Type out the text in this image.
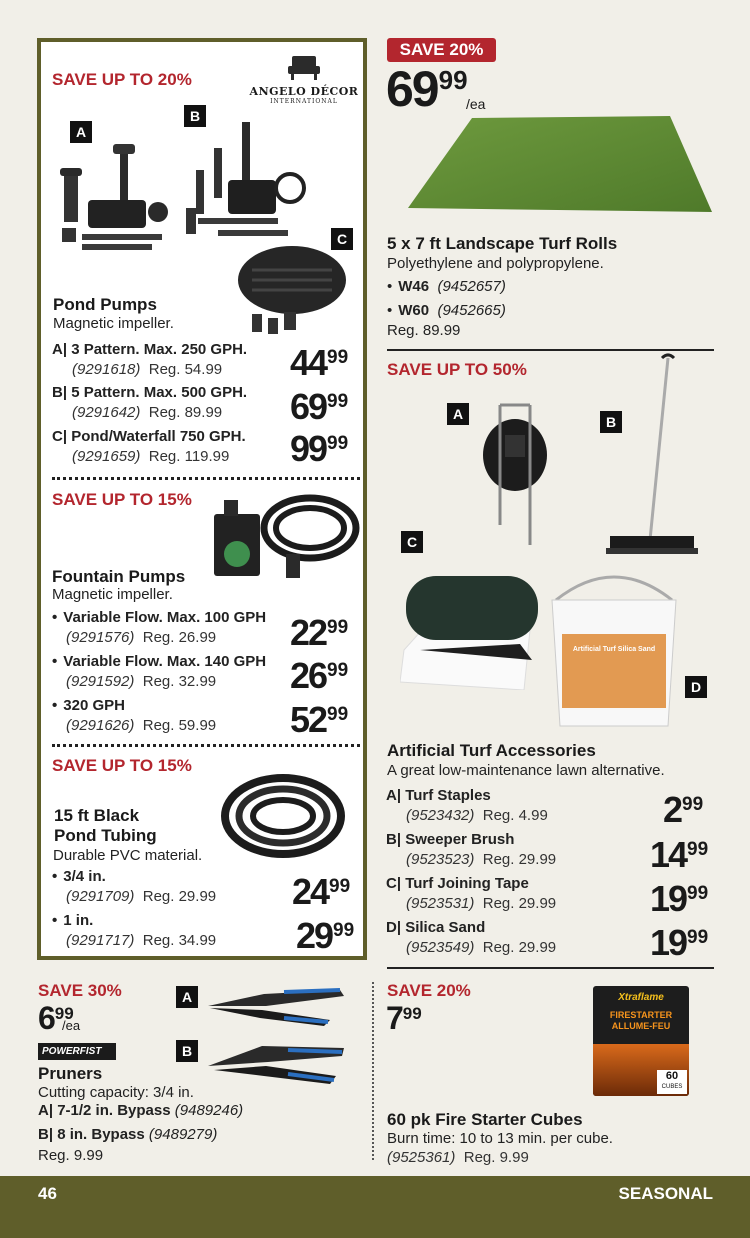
SAVE UP TO 20%
ANGELO DÉCOR
INTERNATIONAL
A
B
C
Pond Pumps
Magnetic impeller.
A| 3 Pattern. Max. 250 GPH.
(9291618) Reg. 54.99 4499
B| 5 Pattern. Max. 500 GPH.
(9291642) Reg. 89.99 6999
C| Pond/Waterfall 750 GPH.
(9291659) Reg. 119.99 9999
SAVE UP TO 15%
Fountain Pumps
Magnetic impeller.
• Variable Flow. Max. 100 GPH
(9291576) Reg. 26.99 2299
• Variable Flow. Max. 140 GPH
(9291592) Reg. 32.99 2699
• 320 GPH
(9291626) Reg. 59.99 5299
SAVE UP TO 15%
15 ft Black
Pond Tubing
Durable PVC material.
• 3/4 in.
(9291709) Reg. 29.99 2499
• 1 in.
(9291717) Reg. 34.99 2999
SAVE 30%
699
/ea
POWERFIST
A
B
Pruners
Cutting capacity: 3/4 in.
A| 7-1/2 in. Bypass (9489246)
B| 8 in. Bypass (9489279)
Reg. 9.99
SAVE 20%
6999
/ea
5 x 7 ft Landscape Turf Rolls
Polyethylene and polypropylene.
• W46 (9452657)
• W60 (9452665)
Reg. 89.99
SAVE UP TO 50%
A	B
C
D
Artificial Turf Silica Sand
Artificial Turf Accessories
A great low-maintenance lawn alternative.
A| Turf Staples
(9523432) Reg. 4.99	299
B| Sweeper Brush
(9523523) Reg. 29.99	1499
C| Turf Joining Tape
(9523531) Reg. 29.99	1999
D| Silica Sand
(9523549) Reg. 29.99	1999
SAVE 20%
799
Xtraflame
FIRESTARTER
ALLUME-FEU
60
CUBES
60 pk Fire Starter Cubes
Burn time: 10 to 13 min. per cube.
(9525361) Reg. 9.99
46	SEASONAL
